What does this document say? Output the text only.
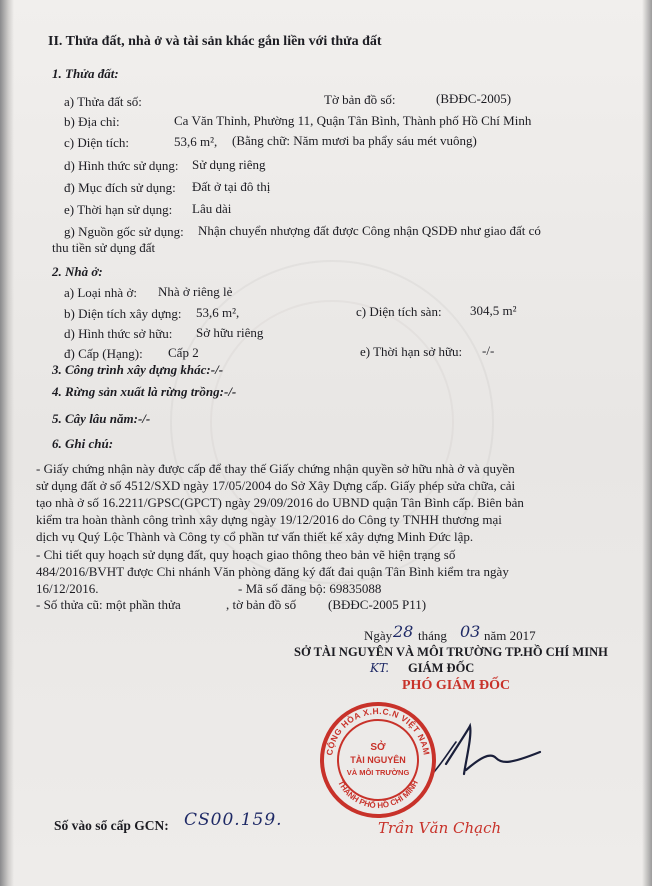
II. Thửa đất, nhà ở và tài sản khác gắn liền với thửa đất
1. Thửa đất:
a) Thửa đất số:	Tờ bản đồ số:	(BĐĐC-2005)
b) Địa chỉ:	Ca Văn Thỉnh, Phường 11, Quận Tân Bình, Thành phố Hồ Chí Minh
c) Diện tích:	53,6 m², (Bằng chữ: Năm mươi ba phẩy sáu mét vuông)
d) Hình thức sử dụng: Sử dụng riêng
đ) Mục đích sử dụng: Đất ở tại đô thị
e) Thời hạn sử dụng: Lâu dài
g) Nguồn gốc sử dụng: Nhận chuyển nhượng đất được Công nhận QSDĐ như giao đất có
thu tiền sử dụng đất
2. Nhà ở:
a) Loại nhà ở: Nhà ở riêng lẻ
b) Diện tích xây dựng: 53,6 m²,	c) Diện tích sàn: 304,5 m²
d) Hình thức sở hữu: Sở hữu riêng
đ) Cấp (Hạng): Cấp 2	e) Thời hạn sở hữu: -/-
3. Công trình xây dựng khác:-/-
4. Rừng sản xuất là rừng trồng:-/-
5. Cây lâu năm:-/-
6. Ghi chú:
- Giấy chứng nhận này được cấp để thay thế Giấy chứng nhận quyền sở hữu nhà ở và quyền
sử dụng đất ở số 4512/SXD ngày 17/05/2004 do Sở Xây Dựng cấp. Giấy phép sửa chữa, cải
tạo nhà ở số 16.2211/GPSC(GPCT) ngày 29/09/2016 do UBND quận Tân Bình cấp. Biên bản
kiểm tra hoàn thành công trình xây dựng ngày 19/12/2016 do Công ty TNHH thương mại
dịch vụ Quý Lộc Thành và Công ty cổ phần tư vấn thiết kế xây dựng Minh Đức lập.
- Chi tiết quy hoạch sử dụng đất, quy hoạch giao thông theo bản vẽ hiện trạng số
484/2016/BVHT được Chi nhánh Văn phòng đăng ký đất đai quận Tân Bình kiểm tra ngày
16/12/2016.	- Mã số đăng bộ: 69835088
- Số thửa cũ: một phần thửa	, tờ bản đồ số (BĐĐC-2005 P11)
Ngày 28 tháng 03 năm 2017
SỞ TÀI NGUYÊN VÀ MÔI TRƯỜNG TP.HỒ CHÍ MINH
KT. GIÁM ĐỐC
PHÓ GIÁM ĐỐC
CỘNG HÒA X.H.C.N VIỆT NAM
THÀNH PHỐ HỒ CHÍ MINH
SỞ
TÀI NGUYÊN
VÀ MÔI TRƯỜNG
Trần Văn Chạch
Số vào sổ cấp GCN: CS00.159.
